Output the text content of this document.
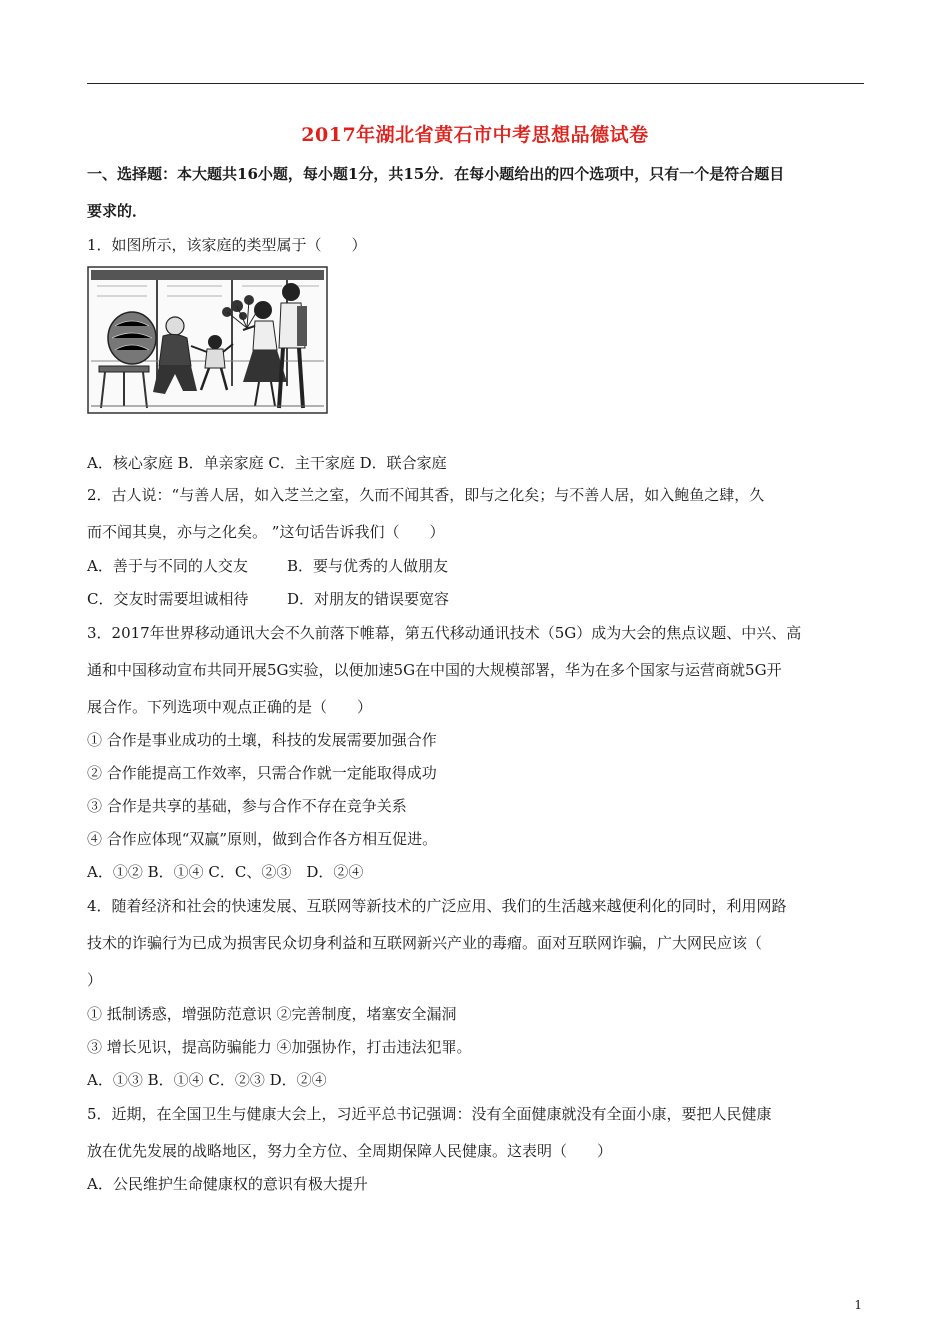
2017年湖北省黄石市中考思想品德试卷
一、选择题：本大题共16小题，每小题1分，共15分．在每小题给出的四个选项中，只有一个是符合题目
要求的．
1．如图所示，该家庭的类型属于（　　）
A．核心家庭 B．单亲家庭 C．主干家庭 D．联合家庭
2．古人说：“与善人居，如入芝兰之室，久而不闻其香，即与之化矣；与不善人居，如入鲍鱼之肆，久
而不闻其臭，亦与之化矣。 ”这句话告诉我们（　　）
A．善于与不同的人交友	B．要与优秀的人做朋友
C．交友时需要坦诚相待	D．对朋友的错误要宽容
3．2017年世界移动通讯大会不久前落下帷幕，第五代移动通讯技术（5G）成为大会的焦点议题、中兴、高
通和中国移动宣布共同开展5G实验，以便加速5G在中国的大规模部署，华为在多个国家与运营商就5G开
展合作。下列选项中观点正确的是（　　）
① 合作是事业成功的土壤，科技的发展需要加强合作
② 合作能提高工作效率，只需合作就一定能取得成功
③ 合作是共享的基础，参与合作不存在竞争关系
④ 合作应体现“双赢”原则，做到合作各方相互促进。
A．①② B．①④ C．C、②③　D．②④
4．随着经济和社会的快速发展、互联网等新技术的广泛应用、我们的生活越来越便利化的同时，利用网路
技术的诈骗行为已成为损害民众切身利益和互联网新兴产业的毒瘤。面对互联网诈骗，广大网民应该（
）
① 抵制诱惑，增强防范意识 ②完善制度，堵塞安全漏洞
③ 增长见识，提高防骗能力 ④加强协作，打击违法犯罪。
A．①③ B．①④ C．②③ D．②④
5．近期，在全国卫生与健康大会上，习近平总书记强调：没有全面健康就没有全面小康，要把人民健康
放在优先发展的战略地区，努力全方位、全周期保障人民健康。这表明（　　）
A．公民维护生命健康权的意识有极大提升
1
